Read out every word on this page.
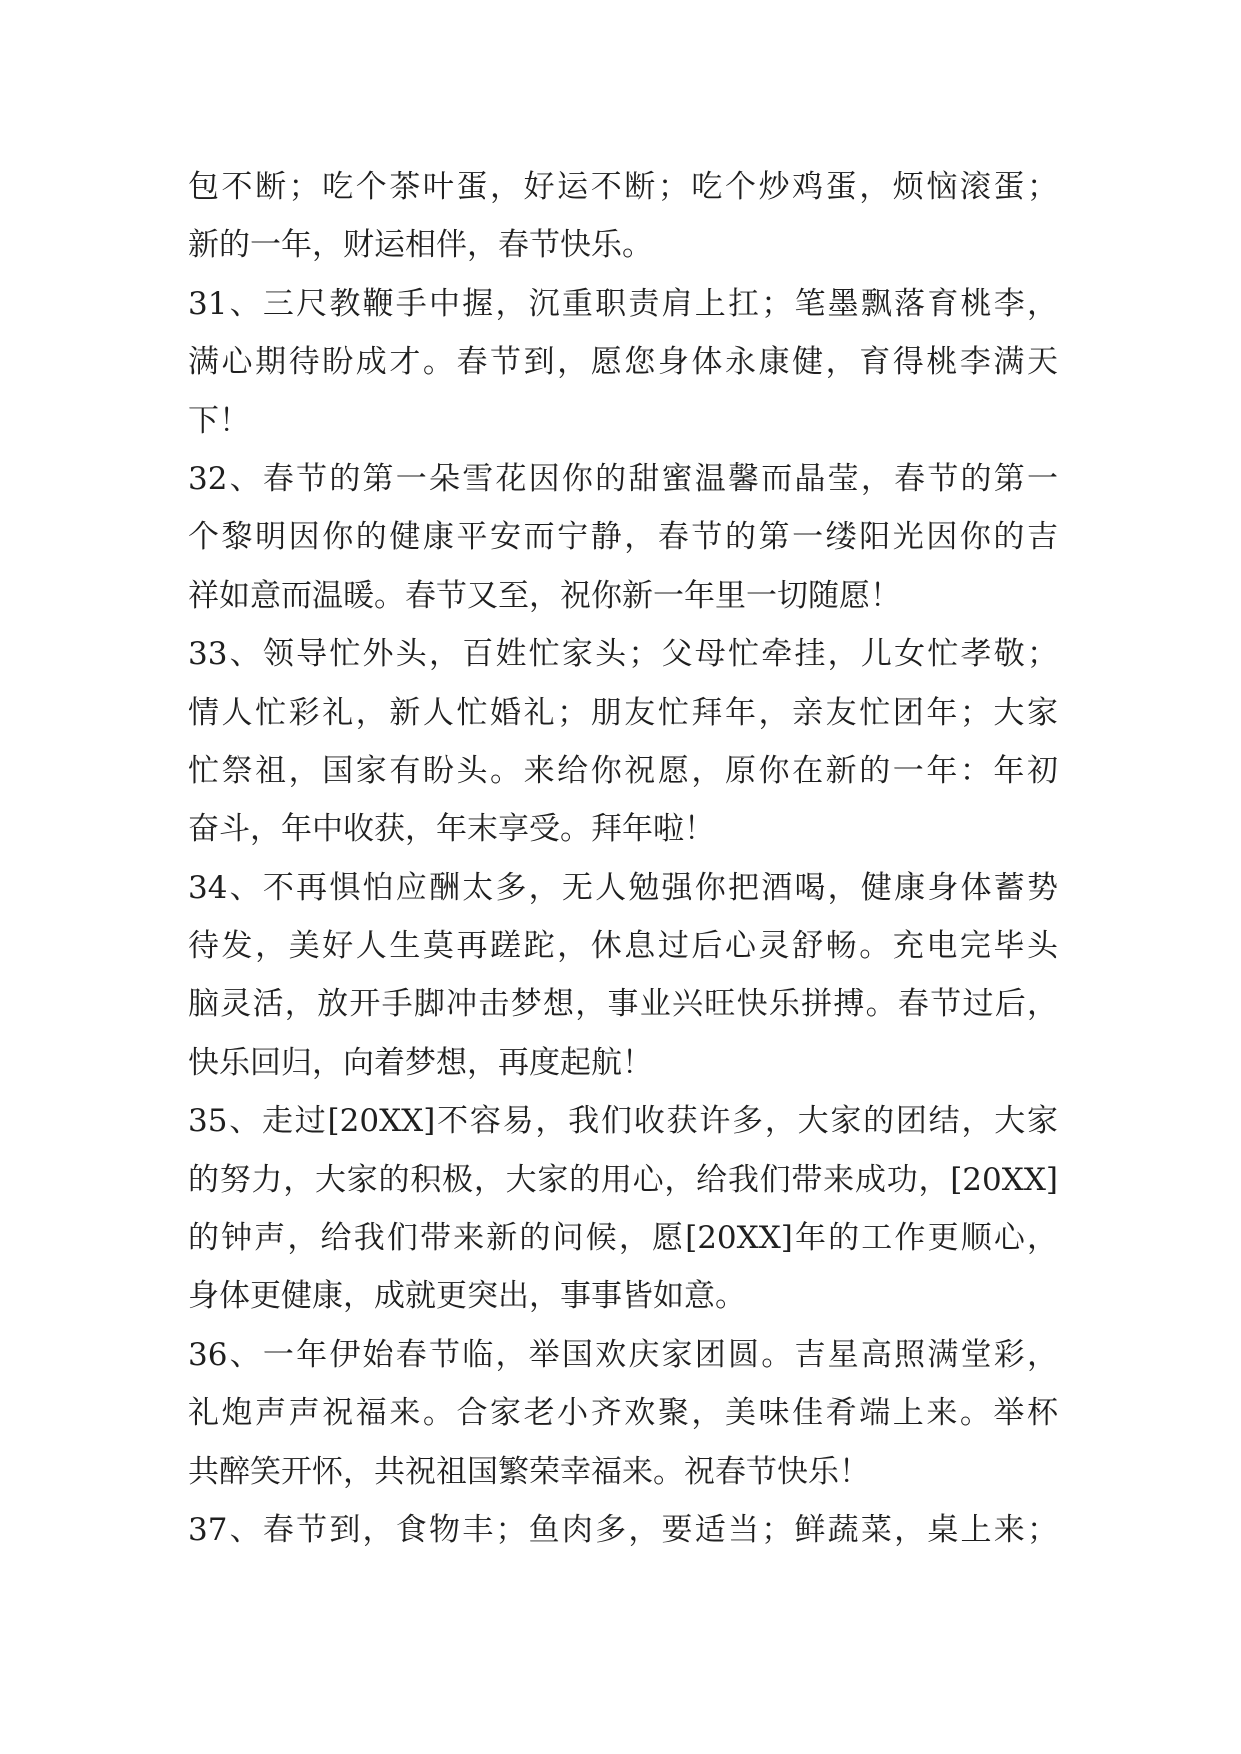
包不断；吃个茶叶蛋，好运不断；吃个炒鸡蛋，烦恼滚蛋；
新的一年，财运相伴，春节快乐。
31、三尺教鞭手中握，沉重职责肩上扛；笔墨飘落育桃李，
满心期待盼成才。春节到，愿您身体永康健，育得桃李满天
下！
32、春节的第一朵雪花因你的甜蜜温馨而晶莹，春节的第一
个黎明因你的健康平安而宁静，春节的第一缕阳光因你的吉
祥如意而温暖。春节又至，祝你新一年里一切随愿！
33、领导忙外头，百姓忙家头；父母忙牵挂，儿女忙孝敬；
情人忙彩礼，新人忙婚礼；朋友忙拜年，亲友忙团年；大家
忙祭祖，国家有盼头。来给你祝愿，原你在新的一年：年初
奋斗，年中收获，年末享受。拜年啦！
34、不再惧怕应酬太多，无人勉强你把酒喝，健康身体蓄势
待发，美好人生莫再蹉跎，休息过后心灵舒畅。充电完毕头
脑灵活，放开手脚冲击梦想，事业兴旺快乐拼搏。春节过后，
快乐回归，向着梦想，再度起航！
35、走过[20XX]不容易，我们收获许多，大家的团结，大家
的努力，大家的积极，大家的用心，给我们带来成功，[20XX]
的钟声，给我们带来新的问候，愿[20XX]年的工作更顺心，
身体更健康，成就更突出，事事皆如意。
36、一年伊始春节临，举国欢庆家团圆。吉星高照满堂彩，
礼炮声声祝福来。合家老小齐欢聚，美味佳肴端上来。举杯
共醉笑开怀，共祝祖国繁荣幸福来。祝春节快乐！
37、春节到，食物丰；鱼肉多，要适当；鲜蔬菜，桌上来；
